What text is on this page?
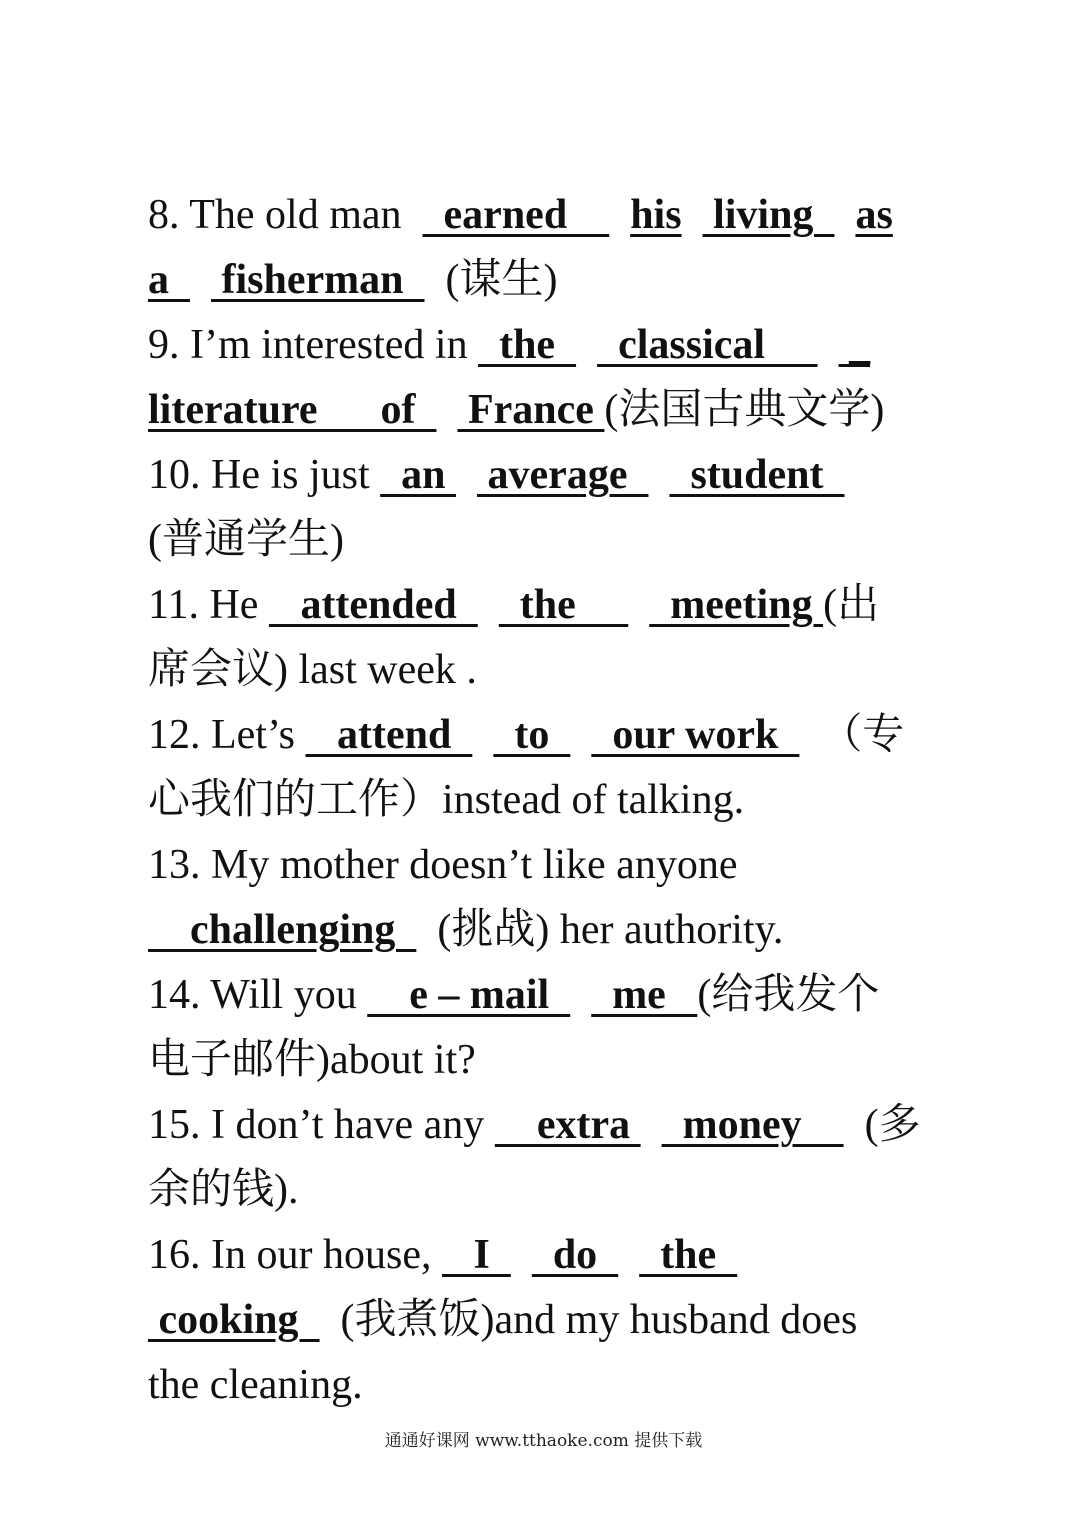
8. The old man    earned      his   living    as
a     fisherman    (谋生)
9. I’m interested in   the      classical        _
literature      of     France (法国古典文学)
10. He is just   an    average      student
(普通学生)
11. He    attended      the         meeting (出
席会议) last week .
12. Let’s    attend      to      our work    （专
心我们的工作）instead of talking.
13. My mother doesn’t like anyone
challenging    (挑战) her authority.
14. Will you     e – mail      me   (给我发个
电子邮件)about it?
15. I don’t have any     extra     money      (多
余的钱).
16. In our house,    I      do      the
cooking    (我煮饭)and my husband does
the cleaning.
通通好课网 www.tthaoke.com 提供下载
